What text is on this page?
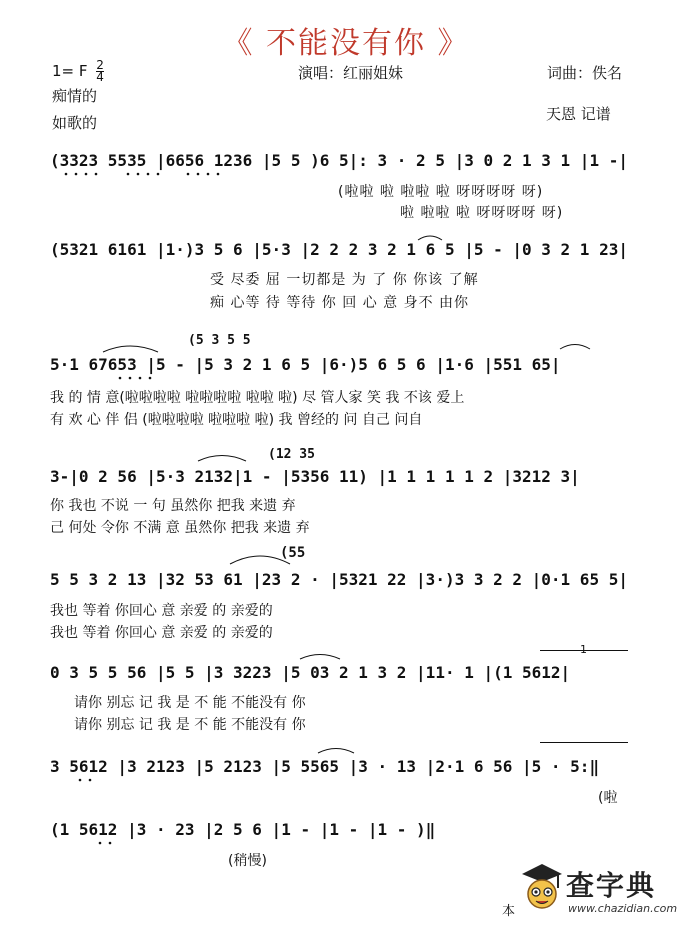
《 不能没有你 》
1= F $\frac{2}{4}$	演唱：红丽姐妹	词曲：佚名
痴情的
天恩 记谱
如歌的
(3323 5535 |6656 1236 |5 5 )6 5|: 3 · 2 5 |3 0 2 1 3 1 |1 -|
(啦啦 啦 啦啦 啦 呀呀呀呀 呀)
啦 啦啦 啦 呀呀呀呀 呀)
(5321 6161 |1·)3 5 6 |5·3 |2 2 2 3 2 1 6 5 |5 - |0 3 2 1 23|
受 尽委 屈 一切都是 为 了 你 你该 了解
痴 心等 待 等待 你 回 心 意 身不 由你
(5 3 5 5
5·1 67653 |5 - |5 3 2 1 6 5 |6·)5 6 5 6 |1·6 |551 65|
我 的 情 意(啦啦啦啦 啦啦啦啦 啦啦 啦) 尽 管人家 笑 我 不该 爱上
有 欢 心 伴 侣 (啦啦啦啦 啦啦啦 啦) 我 曾经的 问 自己 问自
(12 35
3-|0 2 56 |5·3 2132|1 - |5356 11) |1 1 1 1 1 2 |3212 3|
你 我也 不说 一 句 虽然你 把我 来遗 弃
己 何处 令你 不满 意 虽然你 把我 来遗 弃
(55
5 5 3 2 13 |32 53 61 |23 2 · |5321 22 |3·)3 3 2 2 |0·1 65 5|
我也 等着 你回心 意 亲爱 的 亲爱的
我也 等着 你回心 意 亲爱 的 亲爱的
0 3 5 5 56 |5 5 |3 3223 |5 03 2 1 3 2 |11· 1 |(1 5612|
请你 别忘 记 我 是 不 能 不能没有 你
请你 别忘 记 我 是 不 能 不能没有 你
3 5612 |3 2123 |5 2123 |5 5565 |3 · 13 |2·1 6 56 |5 · 5:‖
(啦
(1 5612 |3 · 23 |2 5 6 |1 - |1 - |1 - )‖
(稍慢)
本
查字典
www.chazidian.com
